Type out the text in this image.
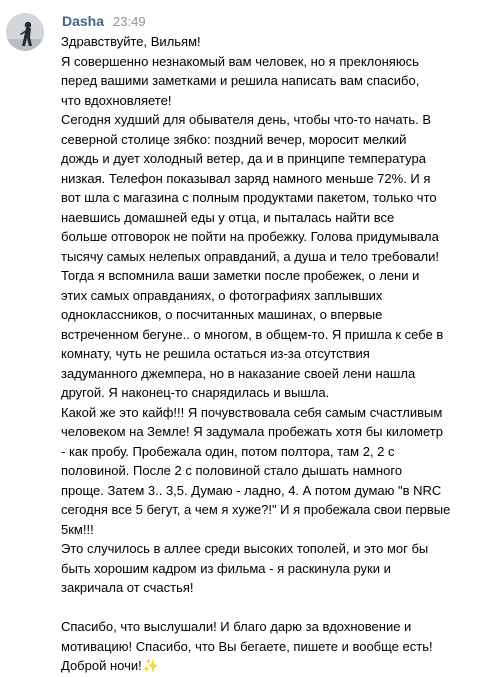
Dasha 23:49
Здравствуйте, Вильям!
Я совершенно незнакомый вам человек, но я преклоняюсь
перед вашими заметками и решила написать вам спасибо,
что вдохновляете!
Сегодня худший для обывателя день, чтобы что-то начать. В
северной столице зябко: поздний вечер, моросит мелкий
дождь и дует холодный ветер, да и в принципе температура
низкая. Телефон показывал заряд намного меньше 72%. И я
вот шла с магазина с полным продуктами пакетом, только что
наевшись домашней еды у отца, и пыталась найти все
больше отговорок не пойти на пробежку. Голова придумывала
тысячу самых нелепых оправданий, а душа и тело требовали!
Тогда я вспомнила ваши заметки после пробежек, о лени и
этих самых оправданиях, о фотографиях заплывших
одноклассников, о посчитанных машинах, о впервые
встреченном бегуне.. о многом, в общем-то. Я пришла к себе в
комнату, чуть не решила остаться из-за отсутствия
задуманного джемпера, но в наказание своей лени нашла
другой. Я наконец-то снарядилась и вышла.
Какой же это кайф!!! Я почувствовала себя самым счастливым
человеком на Земле! Я задумала пробежать хотя бы километр
- как пробу. Пробежала один, потом полтора, там 2, 2 с
половиной. После 2 с половиной стало дышать намного
проще. Затем 3.. 3,5. Думаю - ладно, 4. А потом думаю "в NRC
сегодня все 5 бегут, а чем я хуже?!" И я пробежала свои первые
5км!!!
Это случилось в аллее среди высоких тополей, и это мог бы
быть хорошим кадром из фильма - я раскинула руки и
закричала от счастья!
Спасибо, что выслушали! И благо дарю за вдохновение и
мотивацию! Спасибо, что Вы бегаете, пишете и вообще есть!
Доброй ночи!✨
